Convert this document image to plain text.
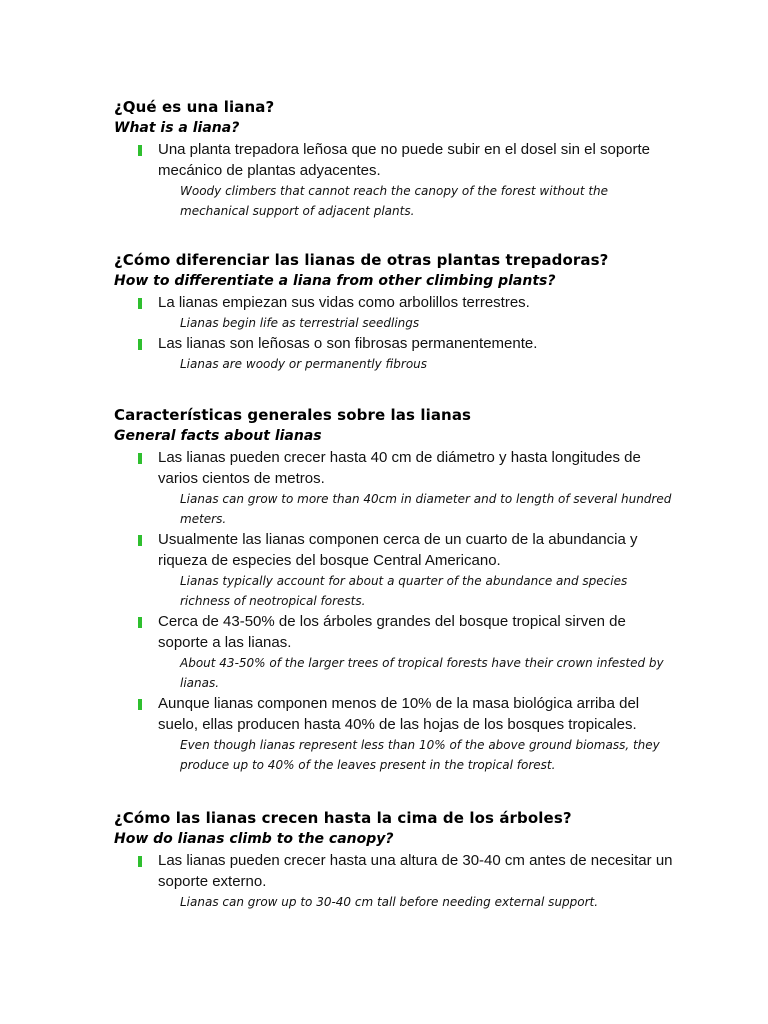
¿Qué es una liana?
What is a liana?
Una planta trepadora leñosa que no puede subir en el dosel sin el soporte mecánico de plantas adyacentes.
Woody climbers that cannot reach the canopy of the forest without the mechanical support of adjacent plants.
¿Cómo diferenciar las lianas de otras plantas trepadoras?
How to differentiate a liana from other climbing plants?
La lianas empiezan sus vidas como arbolillos terrestres.
Lianas begin life as terrestrial seedlings
Las lianas son leñosas o son fibrosas permanentemente.
Lianas are woody or permanently fibrous
Características generales sobre las lianas
General facts about lianas
Las lianas pueden crecer hasta 40 cm de diámetro y hasta longitudes de varios cientos de metros.
Lianas can grow to more than 40cm in diameter and to length of several hundred meters.
Usualmente las lianas componen cerca de un cuarto de la abundancia y riqueza de especies del bosque Central Americano.
Lianas typically account for about a quarter of the abundance and species richness of neotropical forests.
Cerca de 43-50% de los árboles grandes del bosque tropical sirven de soporte a las lianas.
About 43-50% of the larger trees of tropical forests have their crown infested by lianas.
Aunque lianas componen menos de 10% de la masa biológica arriba del suelo, ellas producen hasta 40% de las hojas de los bosques tropicales.
Even though lianas represent less than 10% of the above ground biomass, they produce up to 40% of the leaves present in the tropical forest.
¿Cómo las lianas crecen hasta la cima de los árboles?
How do lianas climb to the canopy?
Las lianas pueden crecer hasta una altura de 30-40 cm antes de necesitar un soporte externo.
Lianas can grow up to 30-40 cm tall before needing external support.
